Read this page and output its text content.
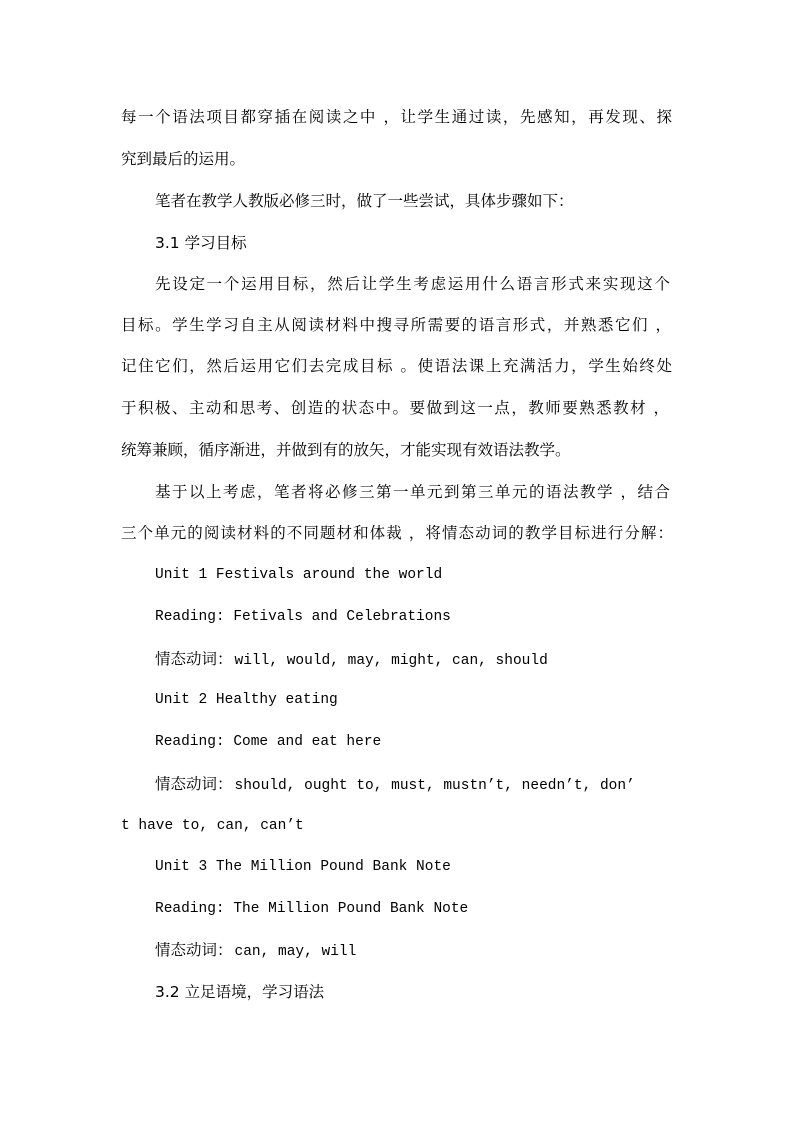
每一个语法项目都穿插在阅读之中 ，让学生通过读，先感知，再发现、探
究到最后的运用。
笔者在教学人教版必修三时，做了一些尝试，具体步骤如下：
3.1 学习目标
先设定一个运用目标，然后让学生考虑运用什么语言形式来实现这个
目标。学生学习自主从阅读材料中搜寻所需要的语言形式，并熟悉它们 ，
记住它们，然后运用它们去完成目标 。使语法课上充满活力，学生始终处
于积极、主动和思考、创造的状态中。要做到这一点，教师要熟悉教材 ，
统筹兼顾，循序渐进，并做到有的放矢，才能实现有效语法教学。
基于以上考虑，笔者将必修三第一单元到第三单元的语法教学 ，结合
三个单元的阅读材料的不同题材和体裁 ，将情态动词的教学目标进行分解：
Unit 1 Festivals around the world
Reading: Fetivals and Celebrations
情态动词： will, would, may, might, can, should
Unit 2 Healthy eating
Reading: Come and eat here
情态动词： should, ought to, must, mustn’t, needn’t, don’
t have to, can, can’t
Unit 3 The Million Pound Bank Note
Reading: The Million Pound Bank Note
情态动词： can, may, will
3.2 立足语境，学习语法
